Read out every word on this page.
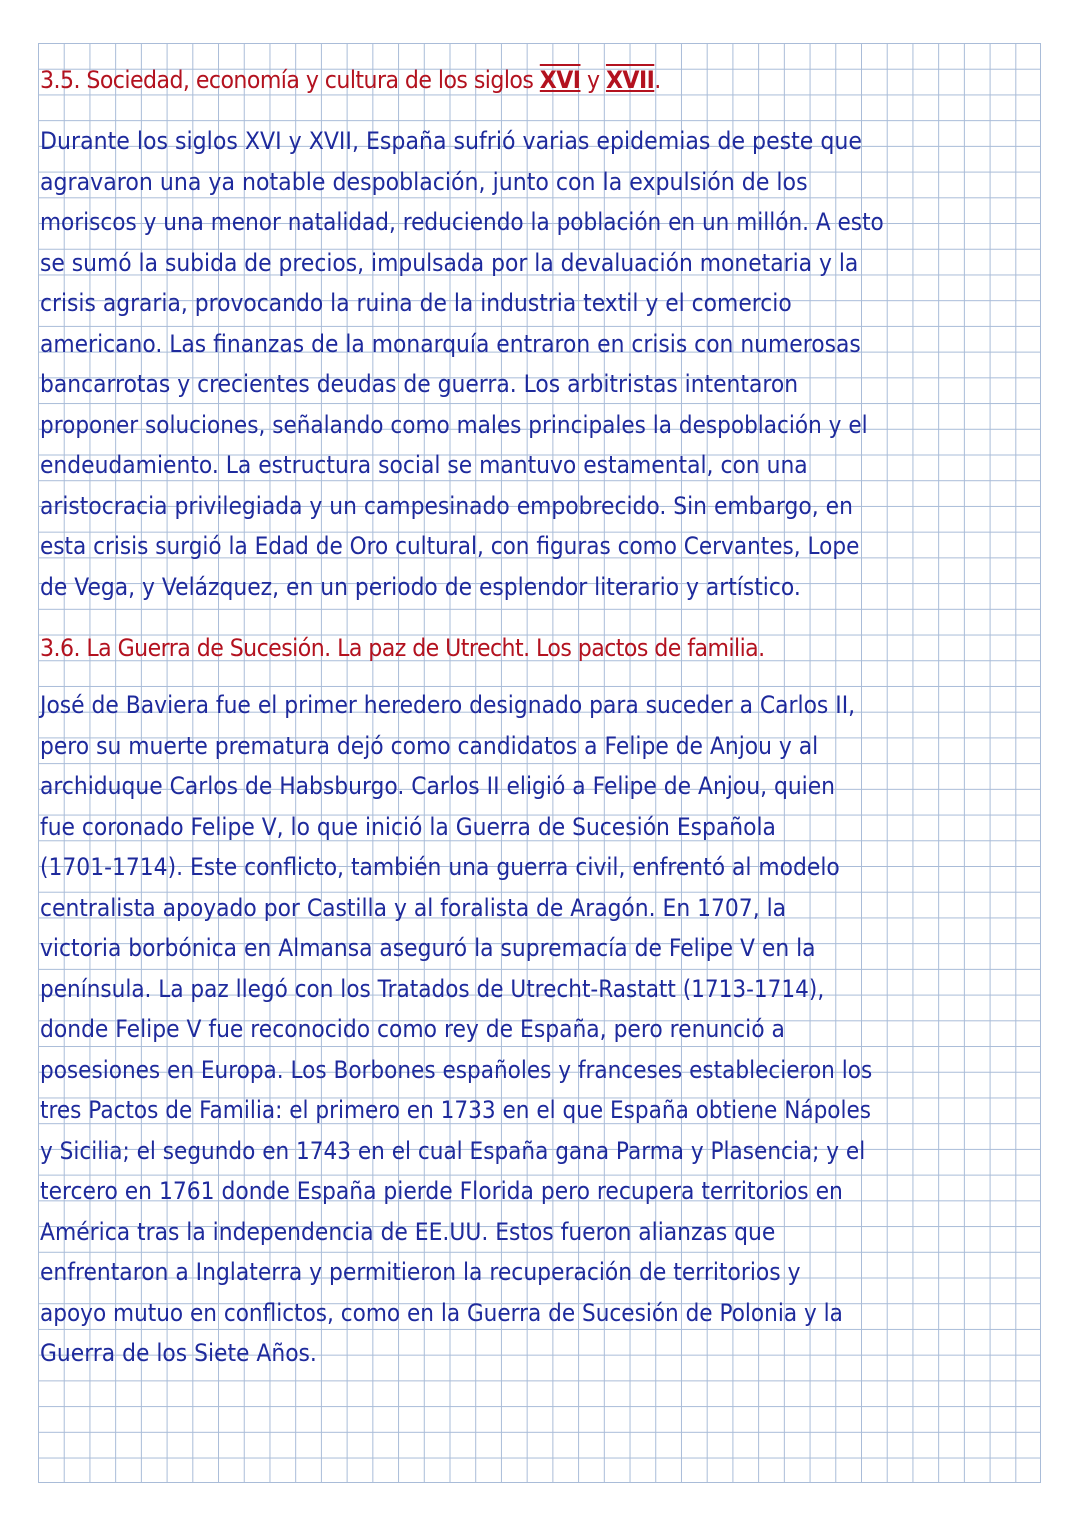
3.5. Sociedad, economía y cultura de los siglos XVI y XVII.
Durante los siglos XVI y XVII, España sufrió varias epidemias de peste que
agravaron una ya notable despoblación, junto con la expulsión de los
moriscos y una menor natalidad, reduciendo la población en un millón. A esto
se sumó la subida de precios, impulsada por la devaluación monetaria y la
crisis agraria, provocando la ruina de la industria textil y el comercio
americano. Las finanzas de la monarquía entraron en crisis con numerosas
bancarrotas y crecientes deudas de guerra. Los arbitristas intentaron
proponer soluciones, señalando como males principales la despoblación y el
endeudamiento. La estructura social se mantuvo estamental, con una
aristocracia privilegiada y un campesinado empobrecido. Sin embargo, en
esta crisis surgió la Edad de Oro cultural, con figuras como Cervantes, Lope
de Vega, y Velázquez, en un periodo de esplendor literario y artístico.
3.6. La Guerra de Sucesión. La paz de Utrecht. Los pactos de familia.
José de Baviera fue el primer heredero designado para suceder a Carlos II,
pero su muerte prematura dejó como candidatos a Felipe de Anjou y al
archiduque Carlos de Habsburgo. Carlos II eligió a Felipe de Anjou, quien
fue coronado Felipe V, lo que inició la Guerra de Sucesión Española
(1701-1714). Este conflicto, también una guerra civil, enfrentó al modelo
centralista apoyado por Castilla y al foralista de Aragón. En 1707, la
victoria borbónica en Almansa aseguró la supremacía de Felipe V en la
península. La paz llegó con los Tratados de Utrecht-Rastatt (1713-1714),
donde Felipe V fue reconocido como rey de España, pero renunció a
posesiones en Europa. Los Borbones españoles y franceses establecieron los
tres Pactos de Familia: el primero en 1733 en el que España obtiene Nápoles
y Sicilia; el segundo en 1743 en el cual España gana Parma y Plasencia; y el
tercero en 1761 donde España pierde Florida pero recupera territorios en
América tras la independencia de EE.UU. Estos fueron alianzas que
enfrentaron a Inglaterra y permitieron la recuperación de territorios y
apoyo mutuo en conflictos, como en la Guerra de Sucesión de Polonia y la
Guerra de los Siete Años.
